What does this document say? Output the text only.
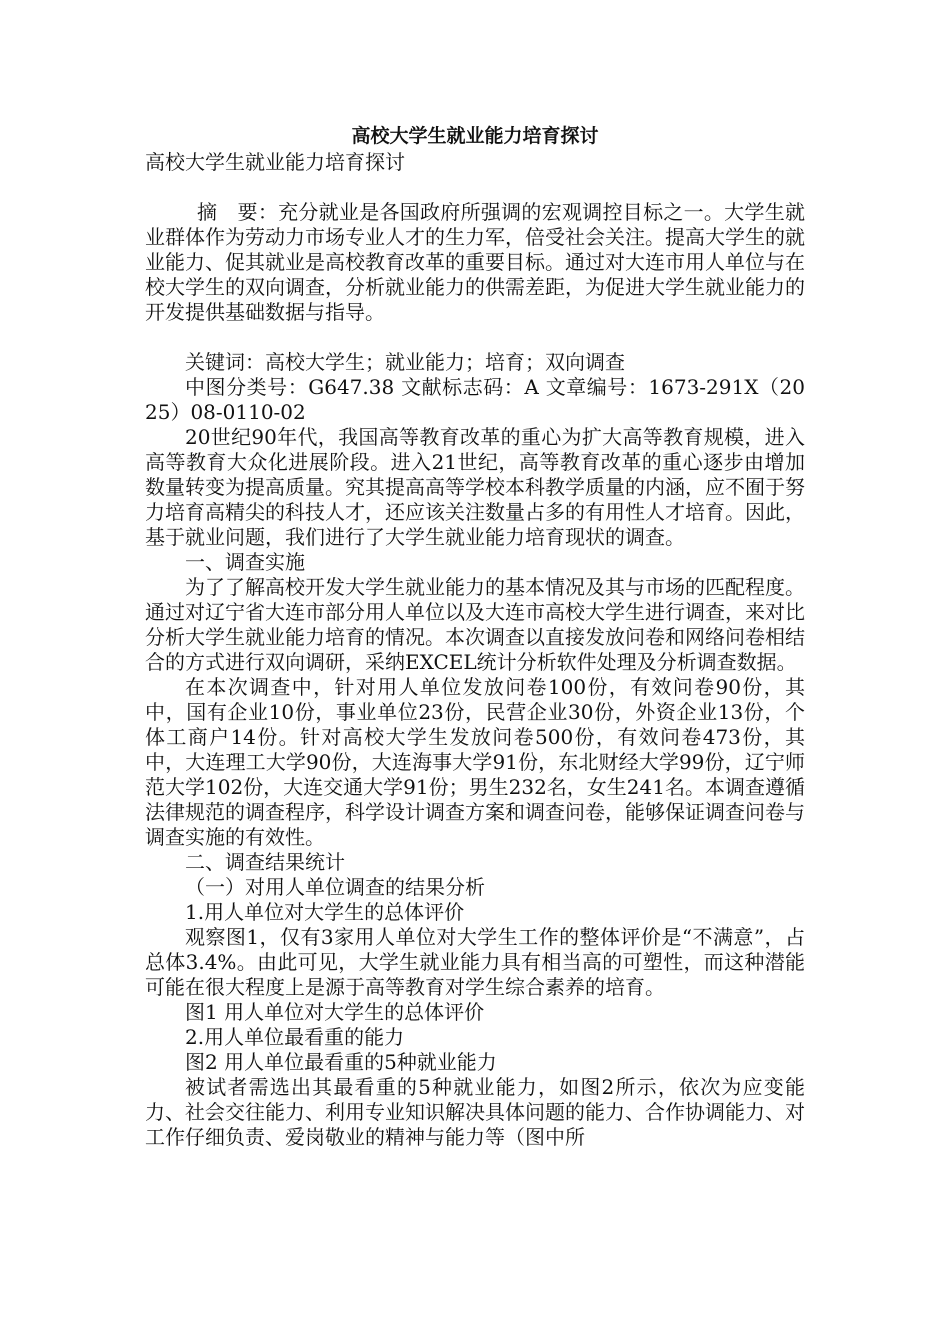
高校大学生就业能力培育探讨

高校大学生就业能力培育探讨

摘　要：充分就业是各国政府所强调的宏观调控目标之一。大学生就业群体作为劳动力市场专业人才的生力军，倍受社会关注。提高大学生的就业能力、促其就业是高校教育改革的重要目标。通过对大连市用人单位与在校大学生的双向调查，分析就业能力的供需差距，为促进大学生就业能力的开发提供基础数据与指导。

关键词：高校大学生；就业能力；培育；双向调查

中图分类号：G647.38 文献标志码：A 文章编号：1673-291X（2025）08-0110-02

20世纪90年代，我国高等教育改革的重心为扩大高等教育规模，进入高等教育大众化进展阶段。进入21世纪，高等教育改革的重心逐步由增加数量转变为提高质量。究其提高高等学校本科教学质量的内涵，应不囿于努力培育高精尖的科技人才，还应该关注数量占多的有用性人才培育。因此，基于就业问题，我们进行了大学生就业能力培育现状的调查。

一、调查实施

为了了解高校开发大学生就业能力的基本情况及其与市场的匹配程度。通过对辽宁省大连市部分用人单位以及大连市高校大学生进行调查，来对比分析大学生就业能力培育的情况。本次调查以直接发放问卷和网络问卷相结合的方式进行双向调研，采纳EXCEL统计分析软件处理及分析调查数据。

在本次调查中，针对用人单位发放问卷100份，有效问卷90份，其中，国有企业10份，事业单位23份，民营企业30份，外资企业13份，个体工商户14份。针对高校大学生发放问卷500份，有效问卷473份，其中，大连理工大学90份，大连海事大学91份，东北财经大学99份，辽宁师范大学102份，大连交通大学91份；男生232名，女生241名。本调查遵循法律规范的调查程序，科学设计调查方案和调查问卷，能够保证调查问卷与调查实施的有效性。

二、调查结果统计

（一）对用人单位调查的结果分析

1.用人单位对大学生的总体评价

观察图1，仅有3家用人单位对大学生工作的整体评价是“不满意”，占总体3.4%。由此可见，大学生就业能力具有相当高的可塑性，而这种潜能可能在很大程度上是源于高等教育对学生综合素养的培育。

图1 用人单位对大学生的总体评价

2.用人单位最看重的能力

图2 用人单位最看重的5种就业能力

被试者需选出其最看重的5种就业能力，如图2所示，依次为应变能力、社会交往能力、利用专业知识解决具体问题的能力、合作协调能力、对工作仔细负责、爱岗敬业的精神与能力等（图中所
